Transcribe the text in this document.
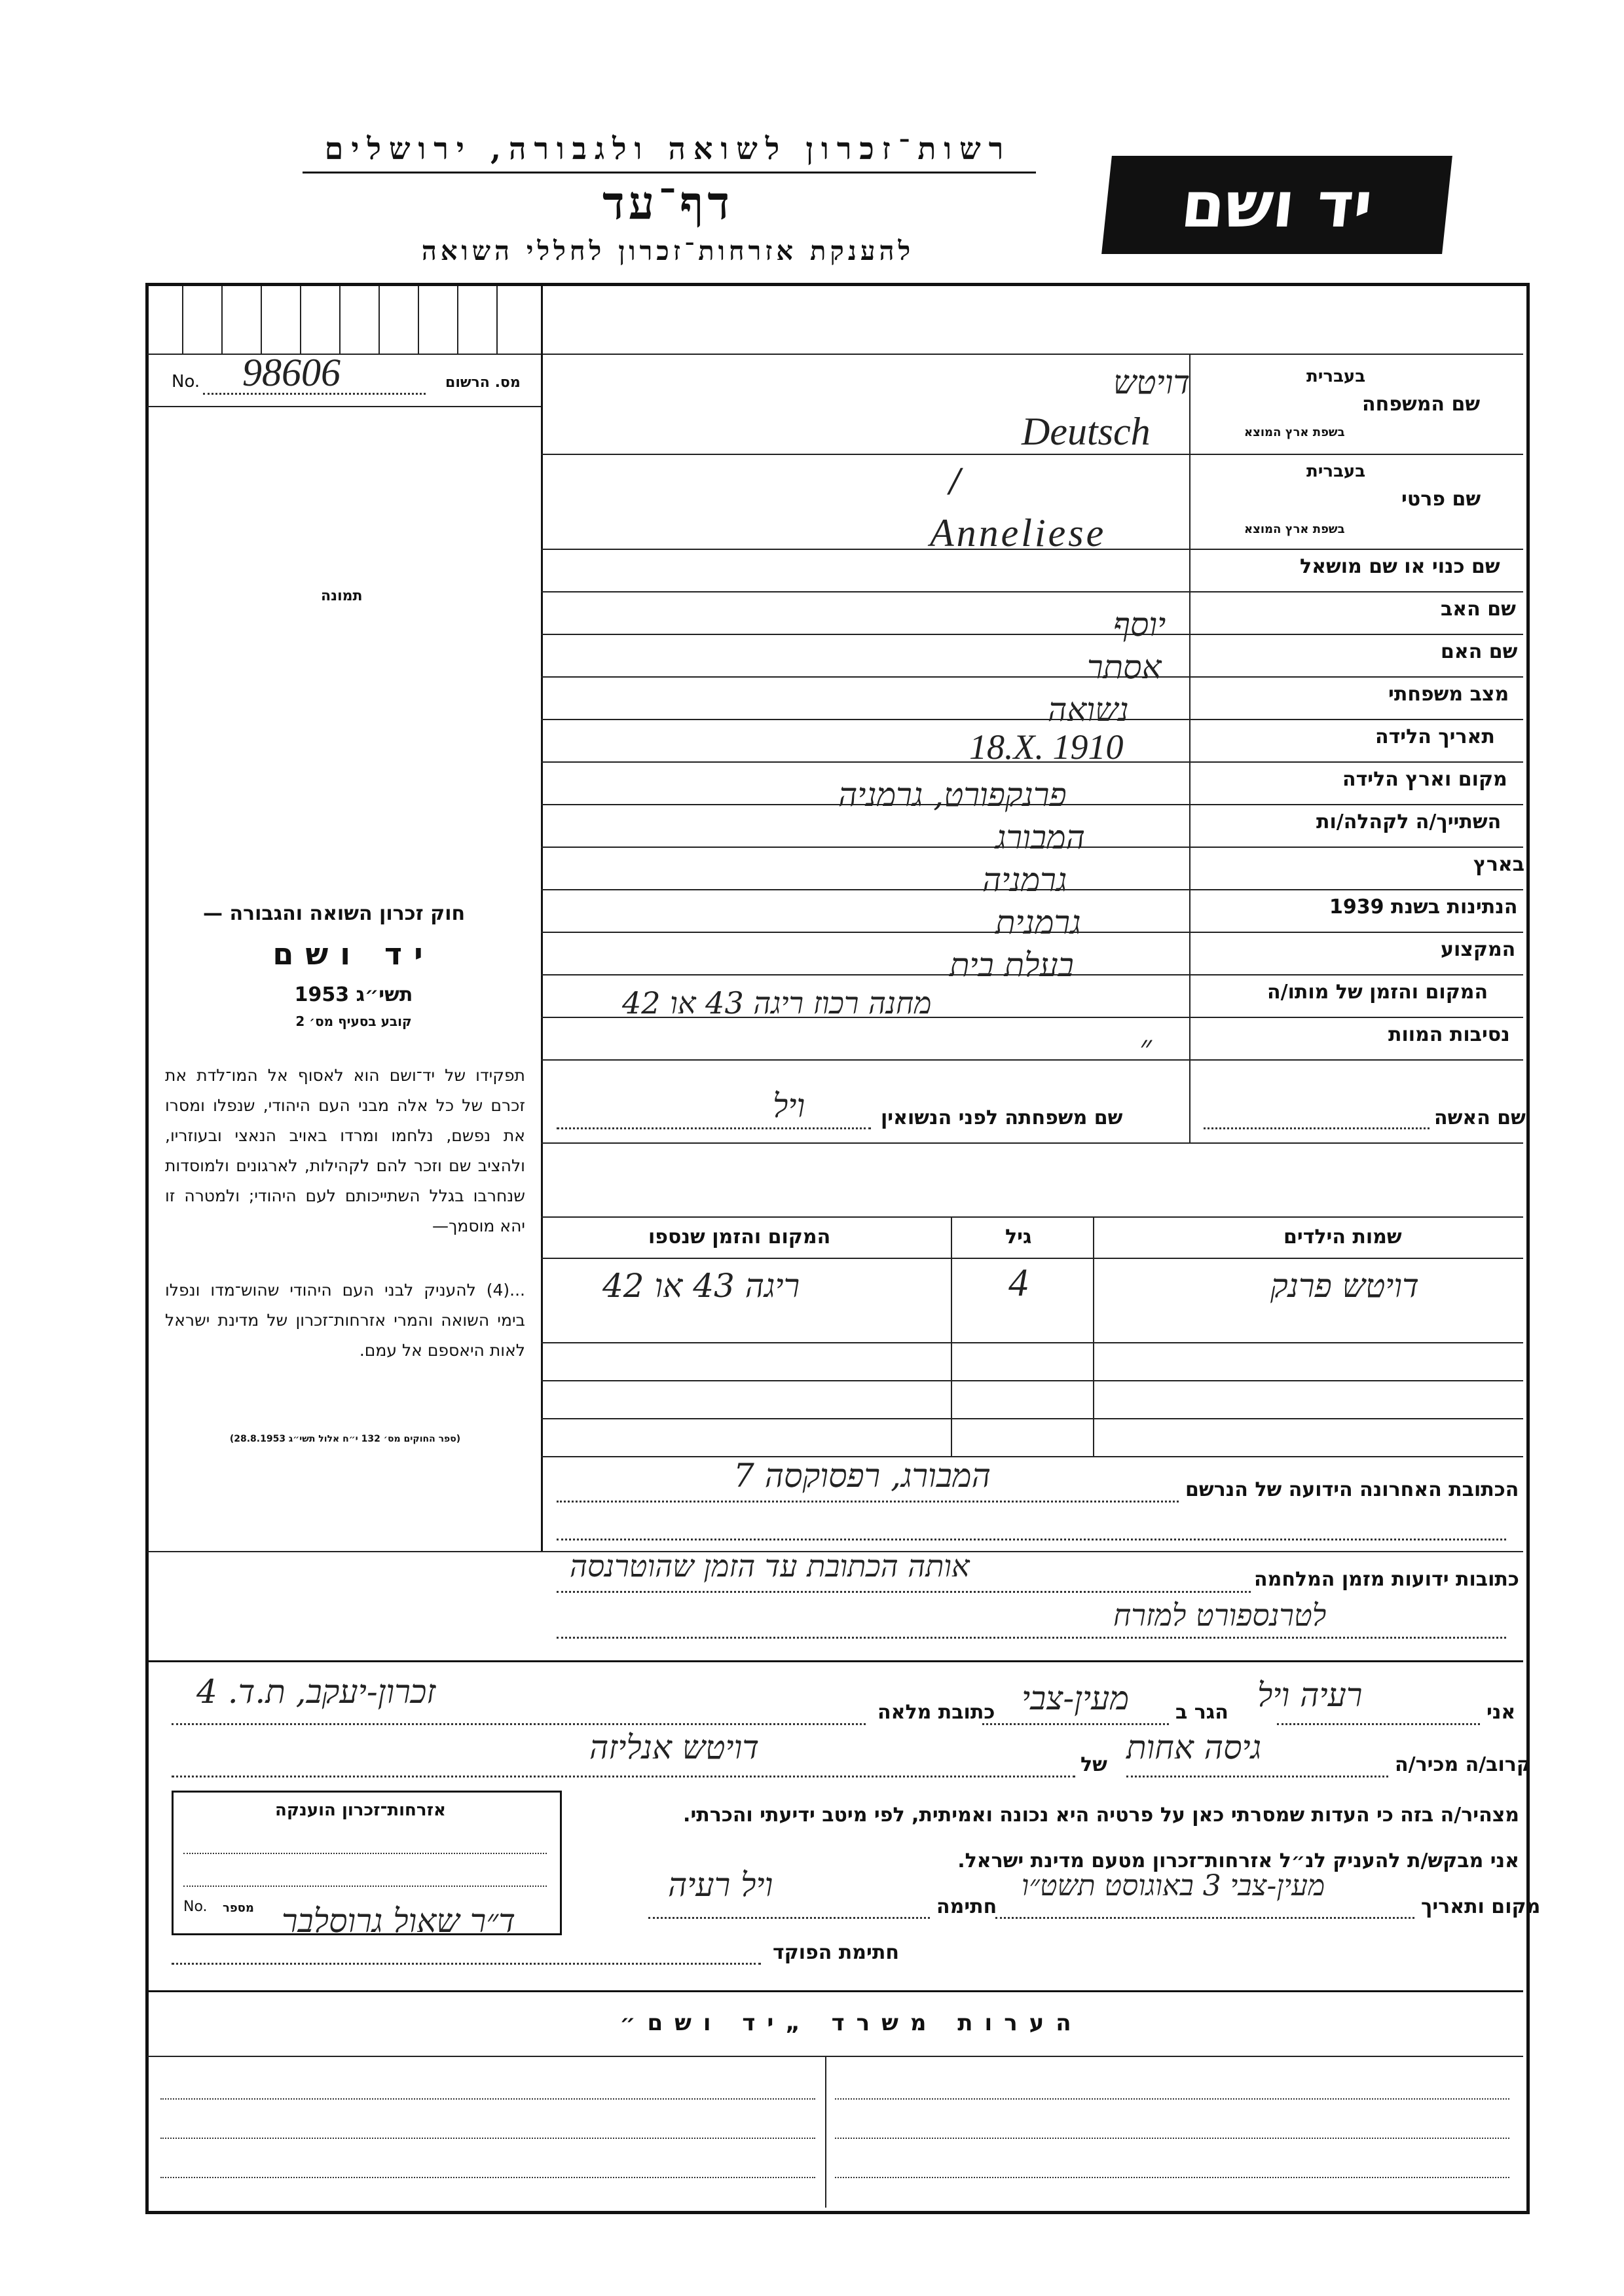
רשות־זכרון לשואה ולגבורה, ירושלים
דף־עד
להענקת אזרחות־זכרון לחללי השואה
יד ושם
98606
No.	מס. הרשום
תמונה
שם המשפחה
בעברית
בשפת ארץ המוצא
דויטש
Deutsch
שם פרטי
בעברית
בשפת ארץ המוצא
/
Anneliese
שם כנוי או שם מושאל
שם האב
יוסף
שם האם
אסתר
מצב משפחתי
נשואה
תאריך הלידה
18.X. 1910
מקום וארץ הלידה
פרנקפורט, גרמניה
השתייך/ה לקהלה/ות
המבורג
בארץ
גרמניה
הנתינות בשנת 1939
גרמנית
המקצוע
בעלת בית
המקום והזמן של מותו/ה
מחנה רכוז ריגה 43 או 42
נסיבות המוות
״
שם האשה
שם משפחתה לפני הנשואין
ויל
שמות הילדים
גיל
המקום והזמן שנספו
דויטש פרנק
4
ריגה 43 או 42
חוק זכרון השואה והגבורה —
יד ושם
תשי״ג 1953
קובע בסעיף מס׳ 2
תפקידו של יד־ושם הוא לאסוף אל המו־לדת את זכרם של כל אלה מבני העם היהודי, שנפלו ומסרו את נפשם, נלחמו ומרדו באויב הנאצי ובעוזריו, ולהציב שם וזכר להם לקהילות, לארגונים ולמוסדות שנחרבו בגלל השתייכותם לעם היהודי; ולמטרה זו יהא מוסמך—
...(4) להעניק לבני העם היהודי שהוש־מדו ונפלו בימי השואה והמרי אזרחות־זכרון של מדינת ישראל לאות היאספם אל עמם.
(ספר החוקים מס׳ 132 י״ח אלול תשי״ג 28.8.1953)
הכתובת האחרונה הידועה של הנרשם
המבורג, רפסוקסה 7
כתובות ידועות מזמן המלחמה
אותה הכתובת עד הזמן שהוטרנסה
לטרנספורט למזרח
אני
רעיה ויל
הגר ב
מעין-צבי
כתובת מלאה
זכרון-יעקב, ת.ד. 4
קרוב/ה מכיר/ה
גיסה אחות
של
דויטש אנליזה
מצהיר/ה בזה כי העדות שמסרתי כאן על פרטיה היא נכונה ואמיתית, לפי מיטב ידיעתי והכרתי.
אני מבקש/ת להעניק לנ״ל אזרחות־זכרון מטעם מדינת ישראל.
מקום ותאריך
מעין-צבי 3 באוגוסט תשט״ו
חתימה
ויל רעיה
חתימת הפוקד
ד״ר שאול גרוסלבר
אזרחות־זכרון הוענקה
No. מספר
הערות משרד „יד ושם״
